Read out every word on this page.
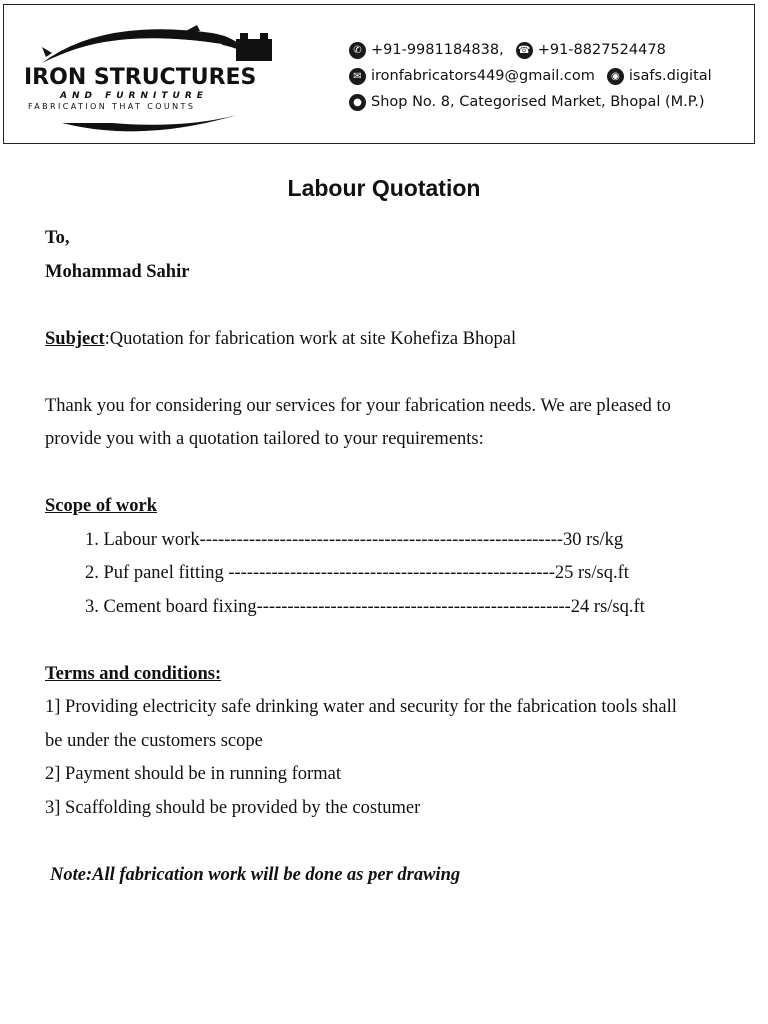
IRON STRUCTURES
AND FURNITURE
FABRICATION THAT COUNTS
✆ +91-9981184838, ☎ +91-8827524478
✉ ironfabricators449@gmail.com	◉ isafs.digital
● Shop No. 8, Categorised Market, Bhopal (M.P.)
Labour Quotation

To,

Mohammad Sahir

Subject:Quotation for fabrication work at site Kohefiza Bhopal

Thank you for considering our services for your fabrication needs. We are pleased to

provide you with a quotation tailored to your requirements:

Scope of work

1. Labour work-----------------------------------------------------------30 rs/kg

2. Puf panel fitting -----------------------------------------------------25 rs/sq.ft

3. Cement board fixing---------------------------------------------------24 rs/sq.ft

Terms and conditions:

1] Providing electricity safe drinking water and security for the fabrication tools shall

be under the customers scope

2] Payment should be in running format

3] Scaffolding should be provided by the costumer

Note:All fabrication work will be done as per drawing
